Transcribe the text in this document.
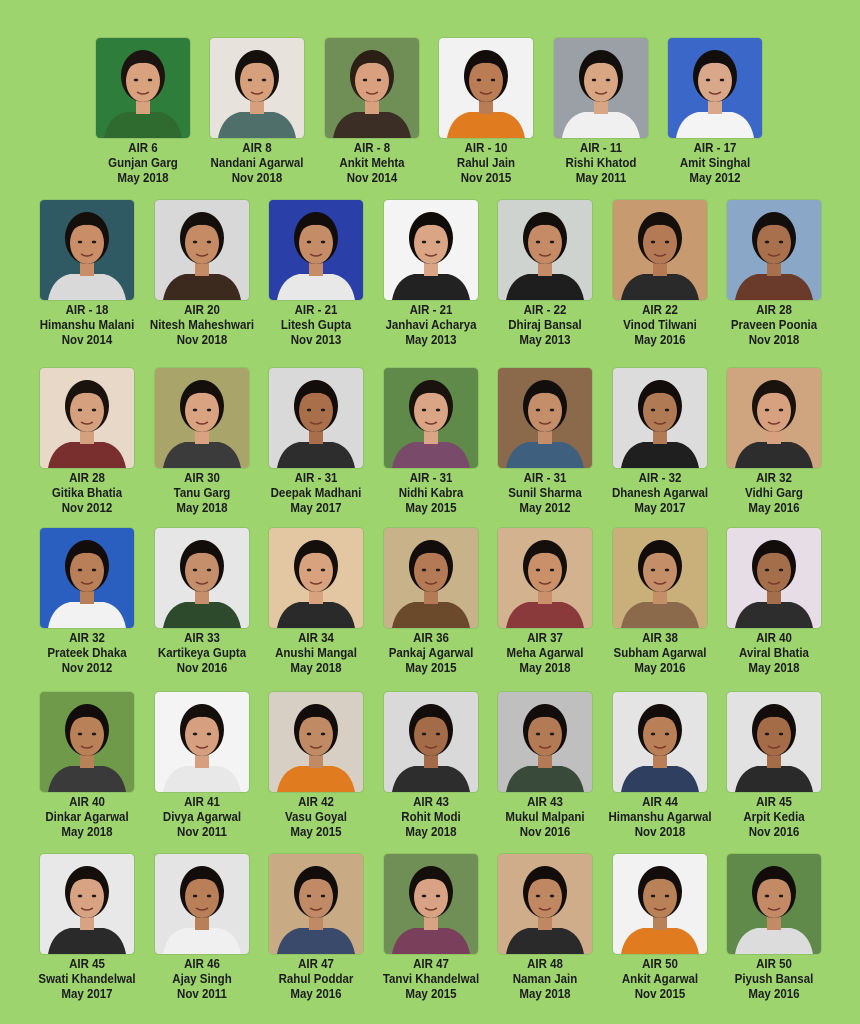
AIR 6
Gunjan Garg
May 2018
AIR 8
Nandani Agarwal
Nov 2018
AIR - 8
Ankit Mehta
Nov 2014
AIR - 10
Rahul Jain
Nov 2015
AIR - 11
Rishi Khatod
May 2011
AIR - 17
Amit Singhal
May 2012
AIR - 18
Himanshu Malani
Nov 2014
AIR 20
Nitesh Maheshwari
Nov 2018
AIR - 21
Litesh Gupta
Nov 2013
AIR - 21
Janhavi Acharya
May 2013
AIR - 22
Dhiraj Bansal
May 2013
AIR 22
Vinod Tilwani
May 2016
AIR 28
Praveen Poonia
Nov 2018
AIR 28
Gitika Bhatia
Nov 2012
AIR 30
Tanu Garg
May 2018
AIR - 31
Deepak Madhani
May 2017
AIR - 31
Nidhi Kabra
May 2015
AIR - 31
Sunil Sharma
May 2012
AIR - 32
Dhanesh Agarwal
May 2017
AIR 32
Vidhi Garg
May 2016
AIR 32
Prateek Dhaka
Nov 2012
AIR 33
Kartikeya Gupta
Nov 2016
AIR 34
Anushi Mangal
May 2018
AIR 36
Pankaj Agarwal
May 2015
AIR 37
Meha Agarwal
May 2018
AIR 38
Subham Agarwal
May 2016
AIR 40
Aviral Bhatia
May 2018
AIR 40
Dinkar Agarwal
May 2018
AIR 41
Divya Agarwal
Nov 2011
AIR 42
Vasu Goyal
May 2015
AIR 43
Rohit Modi
May 2018
AIR 43
Mukul Malpani
Nov 2016
AIR 44
Himanshu Agarwal
Nov 2018
AIR 45
Arpit Kedia
Nov 2016
AIR 45
Swati Khandelwal
May 2017
AIR 46
Ajay Singh
Nov 2011
AIR 47
Rahul Poddar
May 2016
AIR 47
Tanvi Khandelwal
May 2015
AIR 48
Naman Jain
May 2018
AIR 50
Ankit Agarwal
Nov 2015
AIR 50
Piyush Bansal
May 2016
